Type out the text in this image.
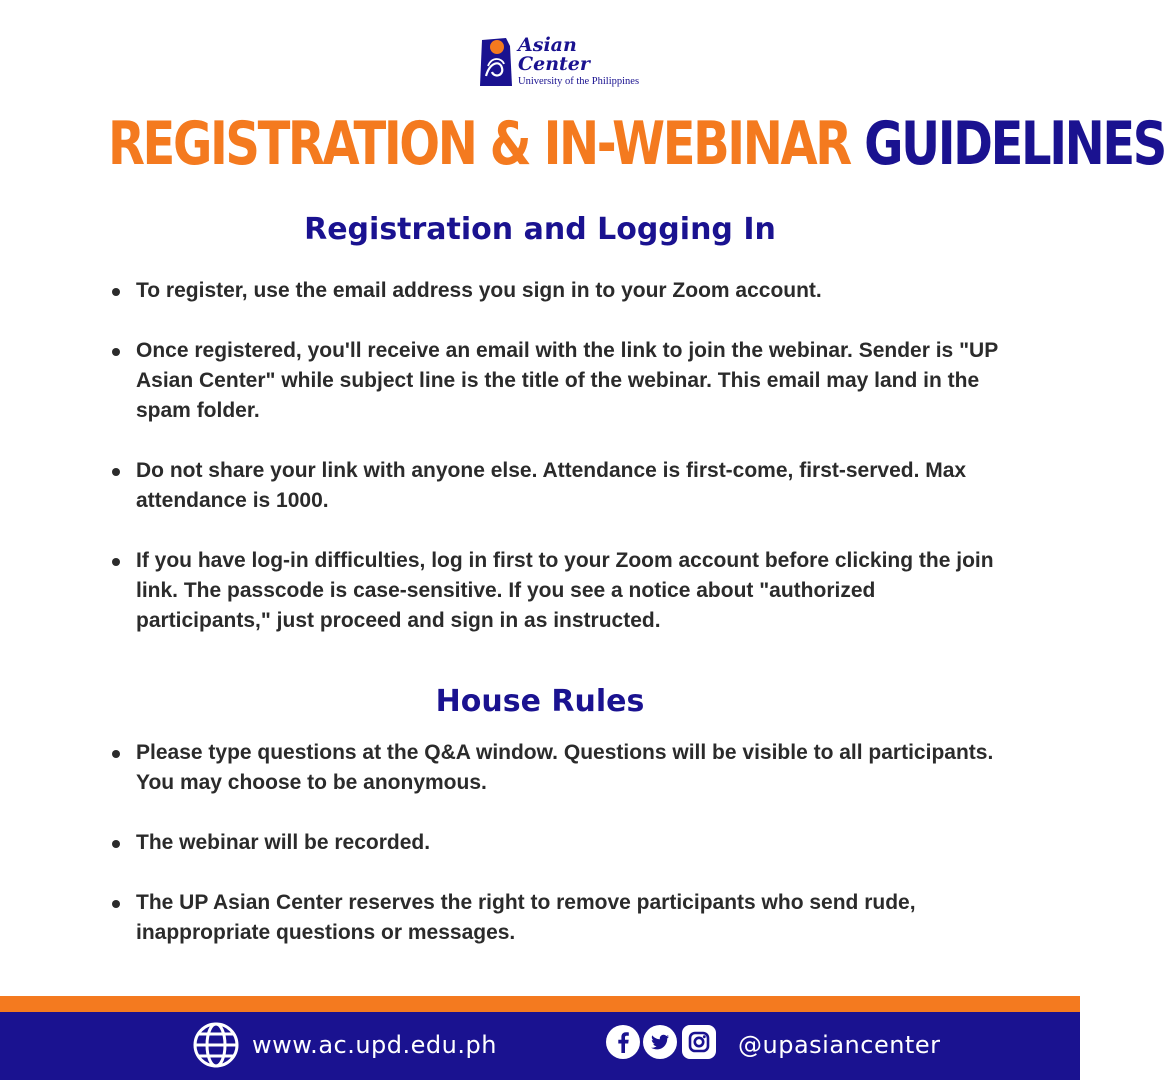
Asian Center
University of the Philippines
REGISTRATION & IN-WEBINAR GUIDELINES
Registration and Logging In
To register, use the email address you sign in to your Zoom account.
Once registered, you'll receive an email with the link to join the webinar. Sender is "UP Asian Center" while subject line is the title of the webinar. This email may land in the spam folder.
Do not share your link with anyone else. Attendance is first-come, first-served. Max attendance is 1000.
If you have log-in difficulties, log in first to your Zoom account before clicking the join link. The passcode is case-sensitive. If you see a notice about "authorized participants," just proceed and sign in as instructed.
House Rules
Please type questions at the Q&A window. Questions will be visible to all participants. You may choose to be anonymous.
The webinar will be recorded.
The UP Asian Center reserves the right to remove participants who send rude, inappropriate questions or messages.
www.ac.upd.edu.ph	@upasiancenter
